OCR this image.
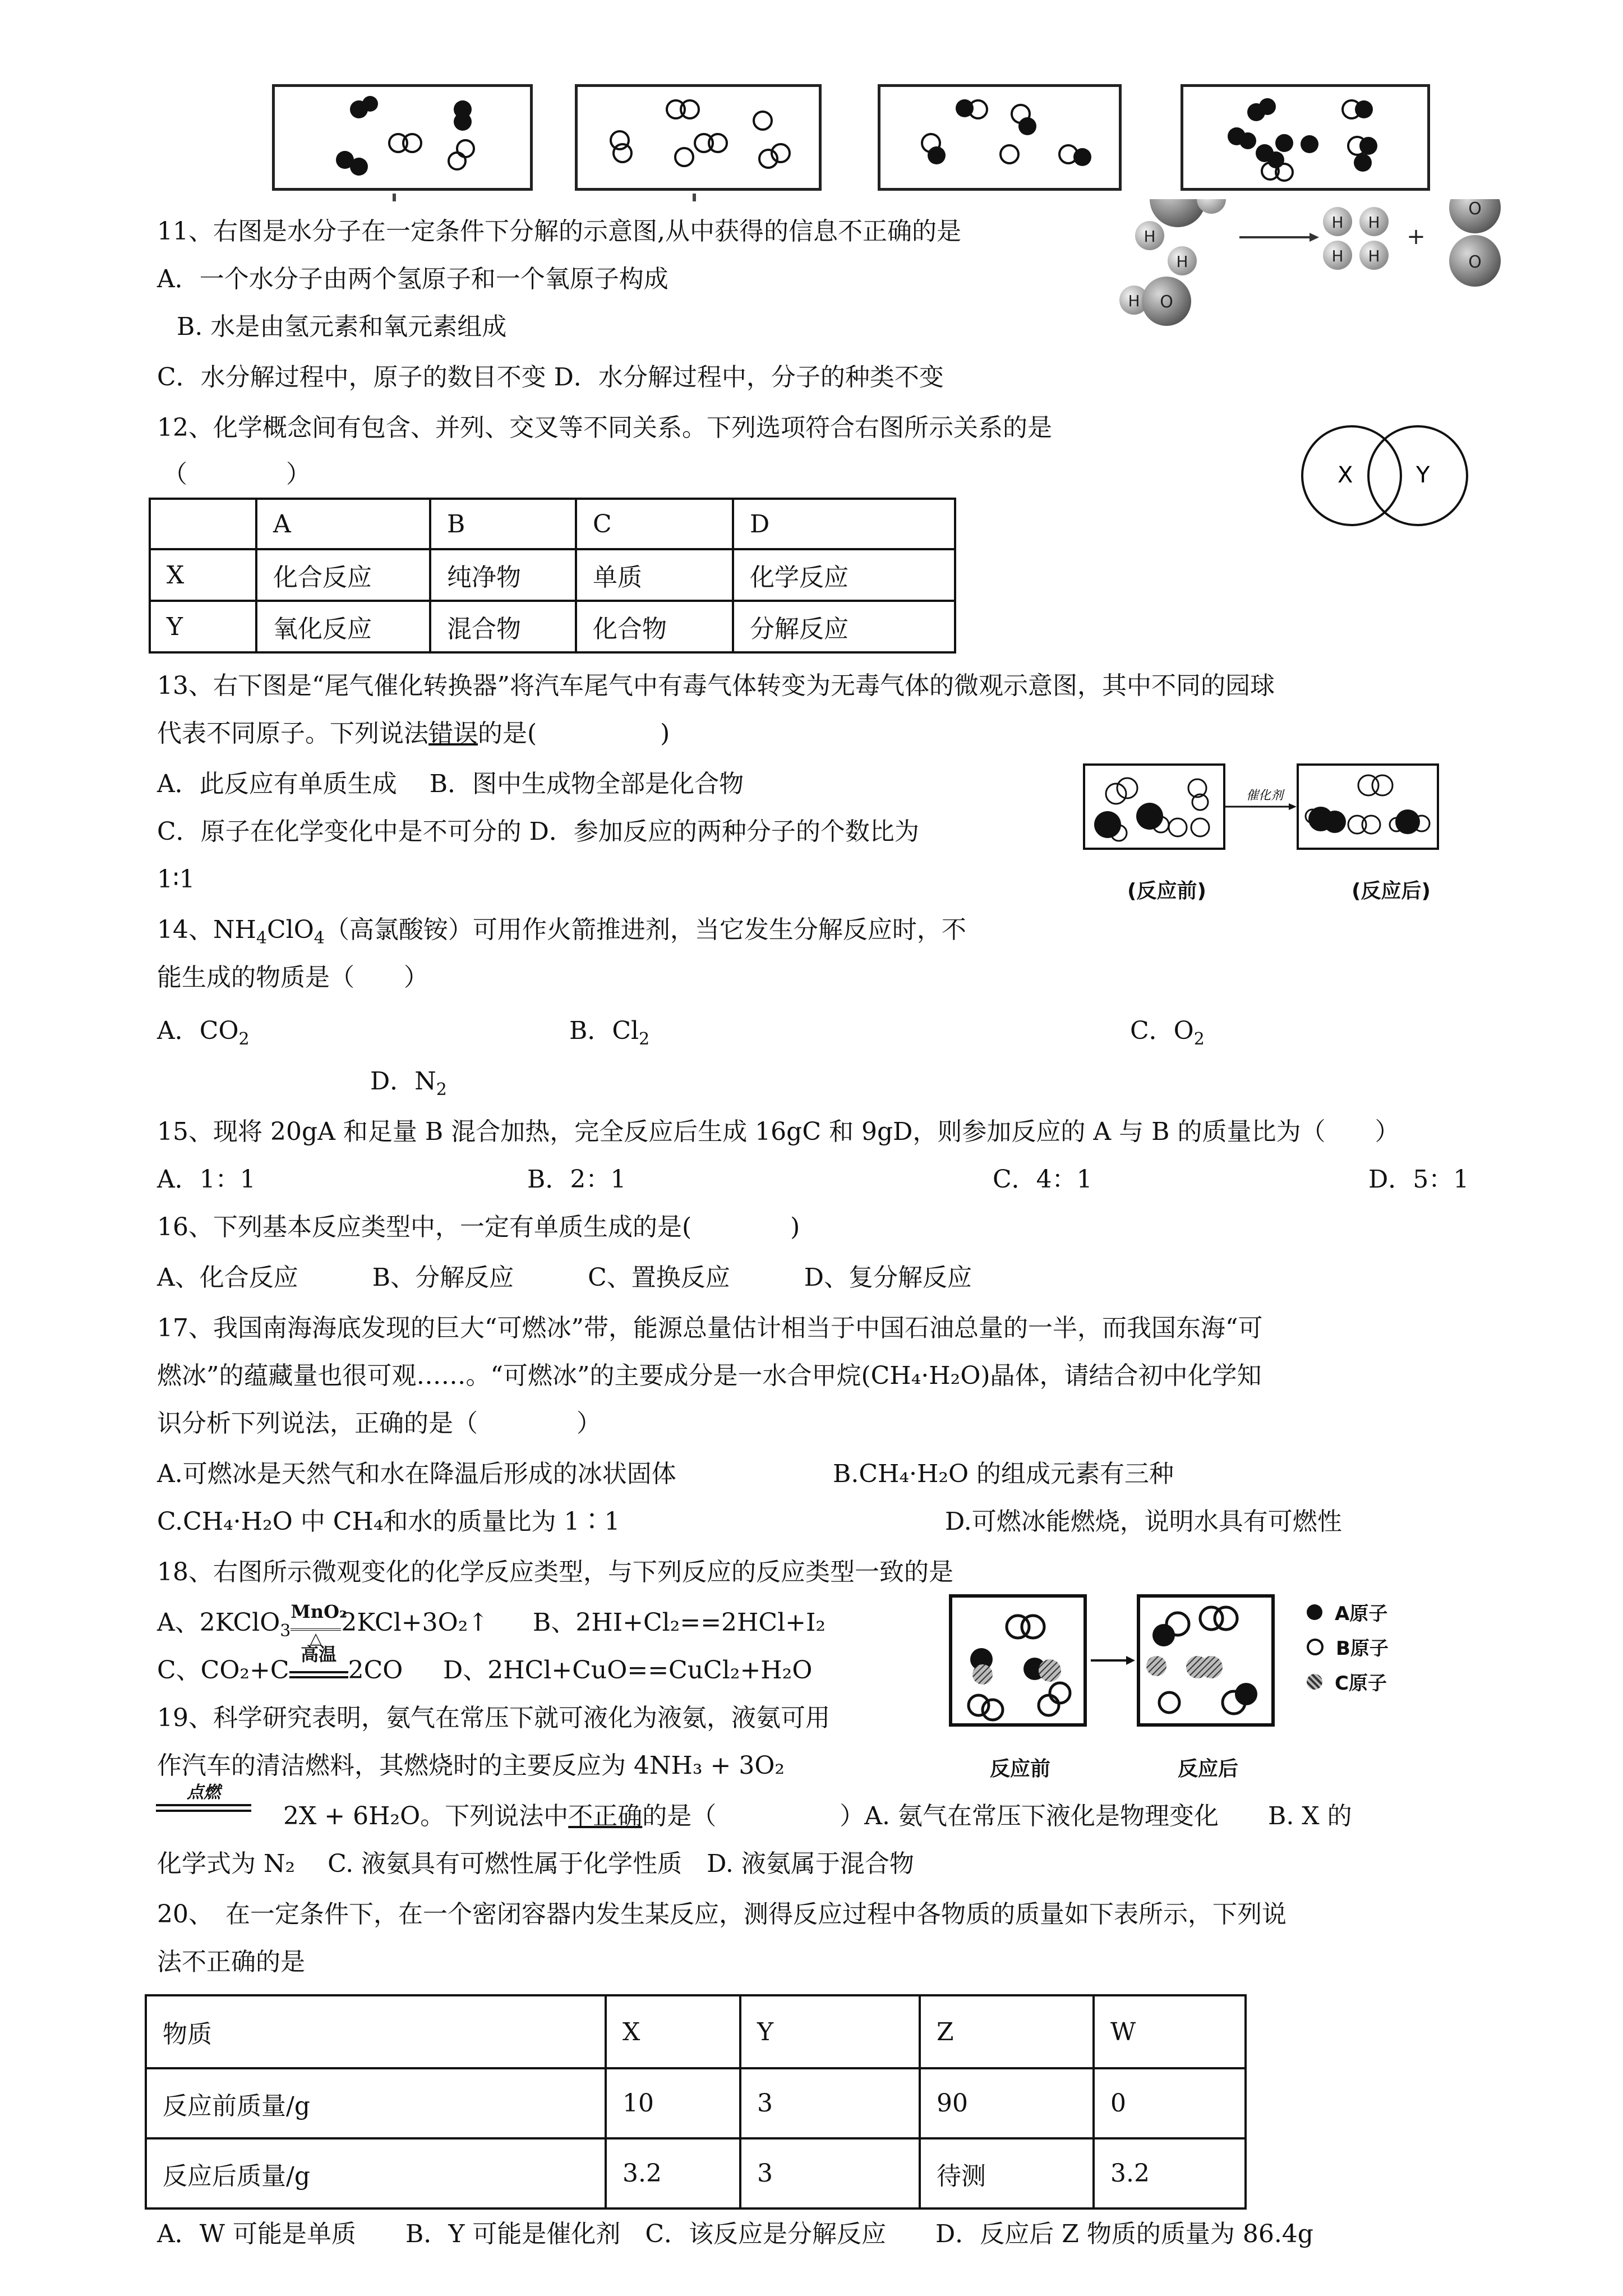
11、右图是水分子在一定条件下分解的示意图,从中获得的信息不正确的是
A．一个水分子由两个氢原子和一个氧原子构成
B. 水是由氢元素和氧元素组成
C．水分解过程中，原子的数目不变 D．水分解过程中，分子的种类不变
H
H
H O
H H
H H
+
O
O
12、化学概念间有包含、并列、交叉等不同关系。下列选项符合右图所示关系的是
（　　　　）	X	Y
	A	B	C	D
X	化合反应	纯净物	单质	化学反应
Y	氧化反应	混合物	化合物	分解反应
13、右下图是“尾气催化转换器”将汽车尾气中有毒气体转变为无毒气体的微观示意图，其中不同的园球
代表不同原子。下列说法错误的是(　　　　　)
A．此反应有单质生成　 B．图中生成物全部是化合物
C．原子在化学变化中是不可分的 D．参加反应的两种分子的个数比为
1∶1
催化剂
(反应前)	(反应后)
14、$NH_4ClO_4$（高氯酸铵）可用作火箭推进剂，当它发生分解反应时，不
能生成的物质是（　　）
A．$CO_2$	B．$Cl_2$	C．$O_2$
D．$N_2$
15、现将 20gA 和足量 B 混合加热，完全反应后生成 16gC 和 9gD，则参加反应的 A 与 B 的质量比为（　　）
A．1：1	B．2：1	C．4：1	D．5：1
16、下列基本反应类型中，一定有单质生成的是(　　　　)
A、化合反应　　　B、分解反应　　　C、置换反应　　　D、复分解反应
17、我国南海海底发现的巨大“可燃冰”带，能源总量估计相当于中国石油总量的一半，而我国东海“可
燃冰”的蕴藏量也很可观……。“可燃冰”的主要成分是一水合甲烷(CH₄·H₂O)晶体，请结合初中化学知
识分析下列说法，正确的是（　　　　）
A.可燃冰是天然气和水在降温后形成的冰状固体	B.CH₄·H₂O 的组成元素有三种
C.CH₄·H₂O 中 CH₄和水的质量比为 1∶1	D.可燃冰能燃烧，说明水具有可燃性
18、右图所示微观变化的化学反应类型，与下列反应的反应类型一致的是
A、2KClO$_3$
MnO₂
△
2KCl+3O₂↑ B、2HI+Cl₂==2HCl+I₂
C、CO₂+C
高温
2CO D、2HCl+CuO==CuCl₂+H₂O
A原子
B原子
C原子
反应前	反应后
19、科学研究表明，氨气在常压下就可液化为液氨，液氨可用
作汽车的清洁燃料，其燃烧时的主要反应为 4NH₃ + 3O₂
点燃
2X + 6H₂O。下列说法中不正确的是（　　　　　）A. 氨气在常压下液化是物理变化　　B. X 的
化学式为 N₂　 C. 液氨具有可燃性属于化学性质　D. 液氨属于混合物
20、　在一定条件下，在一个密闭容器内发生某反应，测得反应过程中各物质的质量如下表所示，下列说
法不正确的是
物质	X	Y	Z	W
反应前质量/g	10	3	90	0
反应后质量/g	3.2	3	待测	3.2
A．W 可能是单质　　B．Y 可能是催化剂　C．该反应是分解反应　　D．反应后 Z 物质的质量为 86.4g
